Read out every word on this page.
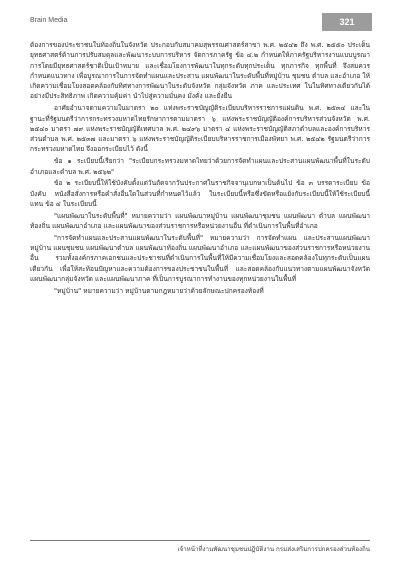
Brain Media	321

ต้องการของประชาชนในท้องถิ่นในจังหวัด ประกอบกับสมาคมสุพรรณศาสตร์สาขา พ.ศ. ๒๕๔๒ ถึง พ.ศ. ๒๕๕๐ ประเด็นยุทธศาสตร์ด้านการปรับสมดุลและพัฒนาระบบการบริหาร จัดการภาครัฐ ข้อ ๔.๒ กำหนดให้ภาครัฐบริหารงานแบบบูรณาการโดยมียุทธศาสตร์ชาติเป็นเป้าหมาย และเชื่อมโยงการพัฒนาในทุกระดับทุกประเด็น ทุกภารกิจ ทุกพื้นที่ จึงสมควรกำหนดแนวทาง เพื่อบูรณาการในการจัดทำแผนและประสาน แผนพัฒนาในระดับพื้นที่หมู่บ้าน ชุมชน ตำบล และอำเภอ ให้เกิดความเชื่อมโยงสอดคล้องกับทิศทางการพัฒนาในระดับจังหวัด กลุ่มจังหวัด ภาค และประเทศ ในในทิศทางเดียวกันได้อย่างมีประสิทธิภาพ เกิดความคุ้มค่า นำไปสู่ความมั่นคง มั่งคั่ง และยั่งยืน

อาศัยอำนาจตามความในมาตรา ๒๐ แห่งพระราชบัญญัติระเบียบบริหารราชการแผ่นดิน พ.ศ. ๒๕๓๔ และในฐานะที่รัฐมนตรีว่าการกระทรวงมหาดไทยรักษาการตามมาตรา ๖ แห่งพระราชบัญญัติองค์การบริหารส่วนจังหวัด พ.ศ. ๒๕๔๐ มาตรา ๗๙ แห่งพระราชบัญญัติเทศบาล พ.ศ. ๒๔๙๖ มาตรา ๔ แห่งพระราชบัญญัติสภาตำบลและองค์การบริหารส่วนตำบล พ.ศ. ๒๕๓๗ และมาตรา ๖ แห่งพระราชบัญญัติระเบียบบริหารราชการเมืองพัทยา พ.ศ. ๒๕๔๒ รัฐมนตรีว่าการกระทรวงมหาดไทย จึงออกระเบียบไว้ ดังนี้

ข้อ ๑ ระเบียบนี้เรียกว่า "ระเบียบกระทรวงมหาดไทยว่าด้วยการจัดทำแผนและประสานแผนพัฒนาพื้นที่ในระดับอำเภอและตำบล พ.ศ. ๒๕๖๒"

ข้อ ๒ ระเบียบนี้ให้ใช้บังคับตั้งแต่วันถัดจากวันประกาศในราชกิจจานุเบกษาเป็นต้นไป ข้อ ๓ บรรดาระเบียบ ข้อบังคับ หนังสือสั่งการหรือคำสั่งอื่นใดในส่วนที่กำหนดไว้แล้ว ในระเบียบนี้หรือซึ่งขัดหรือแย้งกับระเบียบนี้ให้ใช้ระเบียบนี้แทน ข้อ ๔ ในระเบียบนี้

"แผนพัฒนาในระดับพื้นที่" หมายความว่า แผนพัฒนาหมู่บ้าน แผนพัฒนาชุมชน แผนพัฒนา ตำบล แผนพัฒนาท้องถิ่น แผนพัฒนาอำเภอ และแผนพัฒนาของส่วนราชการหรือหน่วยงานอื่น ที่ดำเนินการในพื้นที่อำเภอ

"การจัดทำแผนและประสานแผนพัฒนาในระดับพื้นที่" หมายความว่า การจัดทำแผน และประสานแผนพัฒนาหมู่บ้าน แผนชุมชน แผนพัฒนาตำบล แผนพัฒนาท้องถิ่น แผนพัฒนาอำเภอ และแผนพัฒนาของส่วนราชการหรือหน่วยงานอื่น รวมทั้งองค์กรภาคเอกชนและประชาชนที่ดำเนินการในพื้นที่ให้มีความเชื่อมโยงและสอดคล้องในทุกระดับเป็นแผนเดียวกัน เพื่อให้สะท้อนปัญหาและความต้องการของประชาชนในพื้นที่ และสอดคล้องกับแนวทางตามแผนพัฒนาจังหวัด แผนพัฒนากลุ่มจังหวัด และแผนพัฒนาภาค ที่เป็นการบูรณาการทำงานของทุกหน่วยงานในพื้นที่

"หมู่บ้าน" หมายความว่า หมู่บ้านตามกฎหมายว่าด้วยลักษณะปกครองท้องที่

เจ้าหน้าที่งานพัฒนาชุมชนปฏิบัติงาน กรมส่งเสริมการปกครองส่วนท้องถิ่น
